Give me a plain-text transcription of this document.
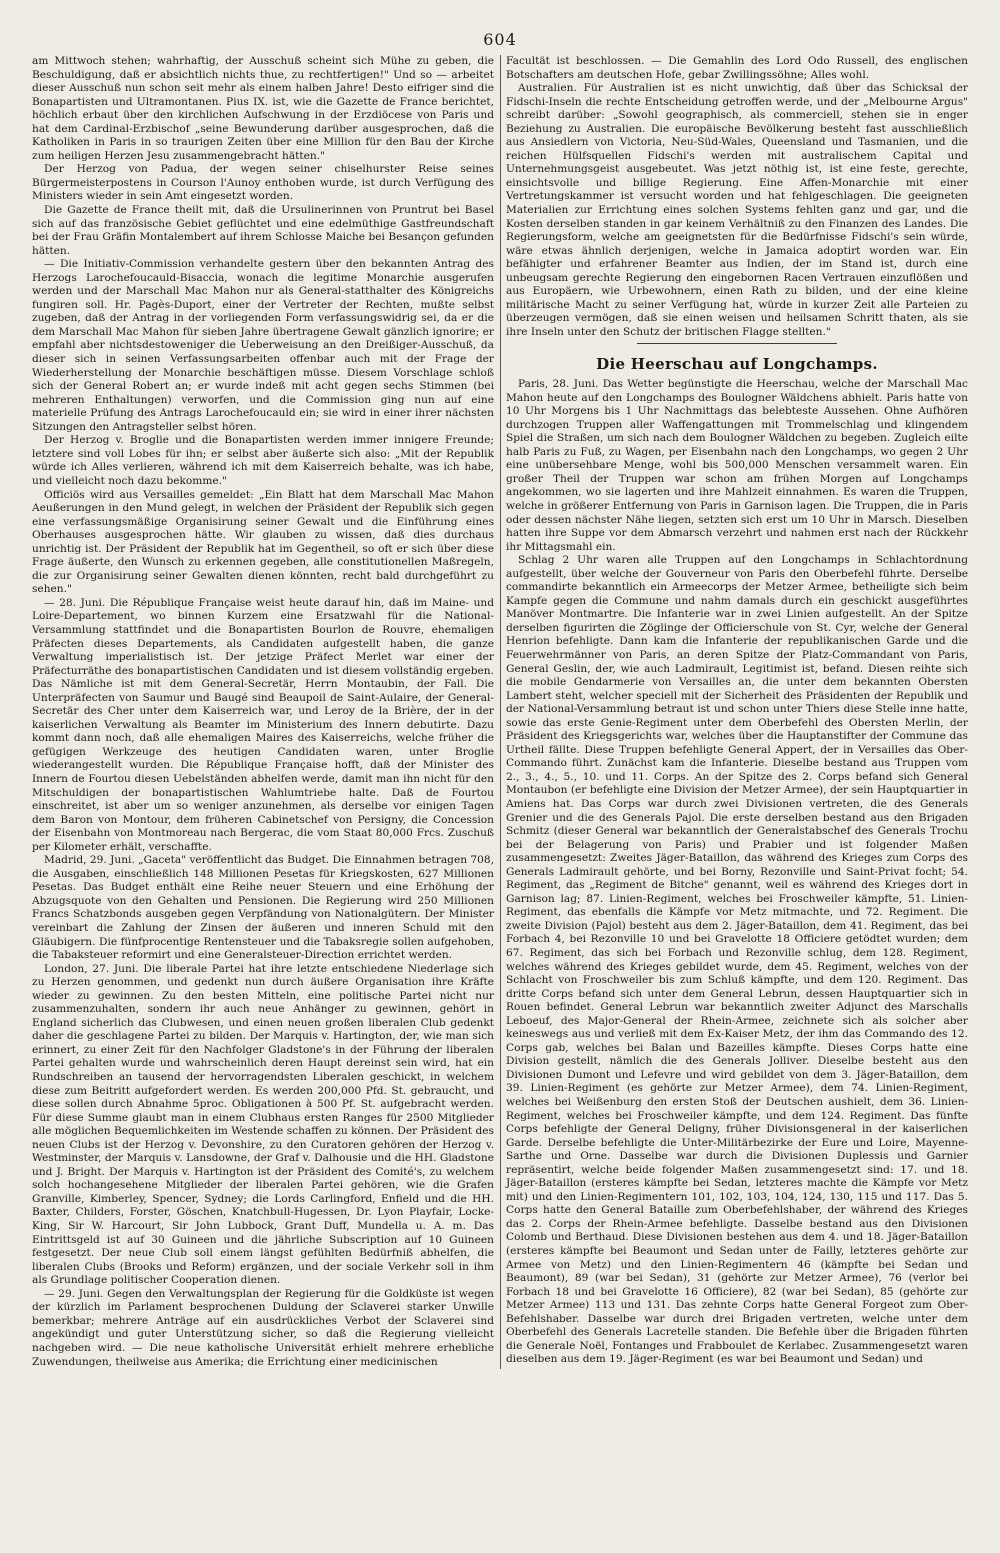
604

am Mittwoch stehen; wahrhaftig, der Ausschuß scheint sich Mühe zu geben, die Beschuldigung, daß er absichtlich nichts thue, zu rechtfertigen!" Und so — arbeitet dieser Ausschuß nun schon seit mehr als einem halben Jahre! Desto eifriger sind die Bonapartisten und Ultramontanen. Pius IX. ist, wie die Gazette de France berichtet, höchlich erbaut über den kirchlichen Aufschwung in der Erzdiöcese von Paris und hat dem Cardinal-Erzbischof „seine Bewunderung darüber ausgesprochen, daß die Katholiken in Paris in so traurigen Zeiten über eine Million für den Bau der Kirche zum heiligen Herzen Jesu zusammengebracht hätten."

Der Herzog von Padua, der wegen seiner chiselhurster Reise seines Bürgermeisterpostens in Courson l'Aunoy enthoben wurde, ist durch Verfügung des Ministers wieder in sein Amt eingesetzt worden.

Die Gazette de France theilt mit, daß die Ursulinerinnen von Pruntrut bei Basel sich auf das französische Gebiet geflüchtet und eine edelmüthige Gastfreundschaft bei der Frau Gräfin Montalembert auf ihrem Schlosse Maiche bei Besançon gefunden hätten.

— Die Initiativ-Commission verhandelte gestern über den bekannten Antrag des Herzogs Larochefoucauld-Bisaccia, wonach die legitime Monarchie ausgerufen werden und der Marschall Mac Mahon nur als General-statthalter des Königreichs fungiren soll. Hr. Pagès-Duport, einer der Vertreter der Rechten, mußte selbst zugeben, daß der Antrag in der vorliegenden Form verfassungswidrig sei, da er die dem Marschall Mac Mahon für sieben Jahre übertragene Gewalt gänzlich ignorire; er empfahl aber nichtsdestoweniger die Ueberweisung an den Dreißiger-Ausschuß, da dieser sich in seinen Verfassungsarbeiten offenbar auch mit der Frage der Wiederherstellung der Monarchie beschäftigen müsse. Diesem Vorschlage schloß sich der General Robert an; er wurde indeß mit acht gegen sechs Stimmen (bei mehreren Enthaltungen) verworfen, und die Commission ging nun auf eine materielle Prüfung des Antrags Larochefoucauld ein; sie wird in einer ihrer nächsten Sitzungen den Antragsteller selbst hören.

Der Herzog v. Broglie und die Bonapartisten werden immer innigere Freunde; letztere sind voll Lobes für ihn; er selbst aber äußerte sich also: „Mit der Republik würde ich Alles verlieren, während ich mit dem Kaiserreich behalte, was ich habe, und vielleicht noch dazu bekomme."

Officiös wird aus Versailles gemeldet: „Ein Blatt hat dem Marschall Mac Mahon Aeußerungen in den Mund gelegt, in welchen der Präsident der Republik sich gegen eine verfassungsmäßige Organisirung seiner Gewalt und die Einführung eines Oberhauses ausgesprochen hätte. Wir glauben zu wissen, daß dies durchaus unrichtig ist. Der Präsident der Republik hat im Gegentheil, so oft er sich über diese Frage äußerte, den Wunsch zu erkennen gegeben, alle constitutionellen Maßregeln, die zur Organisirung seiner Gewalten dienen könnten, recht bald durchgeführt zu sehen."

— 28. Juni. Die République Française weist heute darauf hin, daß im Maine- und Loire-Departement, wo binnen Kurzem eine Ersatzwahl für die National-Versammlung stattfindet und die Bonapartisten Bourlon de Rouvre, ehemaligen Präfecten dieses Departements, als Candidaten aufgestellt haben, die ganze Verwaltung imperialistisch ist. Der jetzige Präfect Merlet war einer der Präfecturräthe des bonapartistischen Candidaten und ist diesem vollständig ergeben. Das Nämliche ist mit dem General-Secretär, Herrn Montaubin, der Fall. Die Unterpräfecten von Saumur und Baugé sind Beaupoil de Saint-Aulaire, der General-Secretär des Cher unter dem Kaiserreich war, und Leroy de la Brière, der in der kaiserlichen Verwaltung als Beamter im Ministerium des Innern debutirte. Dazu kommt dann noch, daß alle ehemaligen Maires des Kaiserreichs, welche früher die gefügigen Werkzeuge des heutigen Candidaten waren, unter Broglie wiederangestellt wurden. Die République Française hofft, daß der Minister des Innern de Fourtou diesen Uebelständen abhelfen werde, damit man ihn nicht für den Mitschuldigen der bonapartistischen Wahlumtriebe halte. Daß de Fourtou einschreitet, ist aber um so weniger anzunehmen, als derselbe vor einigen Tagen dem Baron von Montour, dem früheren Cabinetschef von Persigny, die Concession der Eisenbahn von Montmoreau nach Bergerac, die vom Staat 80,000 Frcs. Zuschuß per Kilometer erhält, verschaffte.

Madrid, 29. Juni. „Gaceta" veröffentlicht das Budget. Die Einnahmen betragen 708, die Ausgaben, einschließlich 148 Millionen Pesetas für Kriegskosten, 627 Millionen Pesetas. Das Budget enthält eine Reihe neuer Steuern und eine Erhöhung der Abzugsquote von den Gehalten und Pensionen. Die Regierung wird 250 Millionen Francs Schatzbonds ausgeben gegen Verpfändung von Nationalgütern. Der Minister vereinbart die Zahlung der Zinsen der äußeren und inneren Schuld mit den Gläubigern. Die fünfprocentige Rentensteuer und die Tabaksregie sollen aufgehoben, die Tabaksteuer reformirt und eine Generalsteuer-Direction errichtet werden.

London, 27. Juni. Die liberale Partei hat ihre letzte entschiedene Niederlage sich zu Herzen genommen, und gedenkt nun durch äußere Organisation ihre Kräfte wieder zu gewinnen. Zu den besten Mitteln, eine politische Partei nicht nur zusammenzuhalten, sondern ihr auch neue Anhänger zu gewinnen, gehört in England sicherlich das Clubwesen, und einen neuen großen liberalen Club gedenkt daher die geschlagene Partei zu bilden. Der Marquis v. Hartington, der, wie man sich erinnert, zu einer Zeit für den Nachfolger Gladstone's in der Führung der liberalen Partei gehalten wurde und wahrscheinlich deren Haupt dereinst sein wird, hat ein Rundschreiben an tausend der hervorragendsten Liberalen geschickt, in welchem diese zum Beitritt aufgefordert werden. Es werden 200,000 Pfd. St. gebraucht, und diese sollen durch Abnahme 5proc. Obligationen à 500 Pf. St. aufgebracht werden. Für diese Summe glaubt man in einem Clubhaus ersten Ranges für 2500 Mitglieder alle möglichen Bequemlichkeiten im Westende schaffen zu können. Der Präsident des neuen Clubs ist der Herzog v. Devonshire, zu den Curatoren gehören der Herzog v. Westminster, der Marquis v. Lansdowne, der Graf v. Dalhousie und die HH. Gladstone und J. Bright. Der Marquis v. Hartington ist der Präsident des Comité's, zu welchem solch hochangesehene Mitglieder der liberalen Partei gehören, wie die Grafen Granville, Kimberley, Spencer, Sydney; die Lords Carlingford, Enfield und die HH. Baxter, Childers, Forster, Göschen, Knatchbull-Hugessen, Dr. Lyon Playfair, Locke-King, Sir W. Harcourt, Sir John Lubbock, Grant Duff, Mundella u. A. m. Das Eintrittsgeld ist auf 30 Guineen und die jährliche Subscription auf 10 Guineen festgesetzt. Der neue Club soll einem längst gefühlten Bedürfniß abhelfen, die liberalen Clubs (Brooks und Reform) ergänzen, und der sociale Verkehr soll in ihm als Grundlage politischer Cooperation dienen.

— 29. Juni. Gegen den Verwaltungsplan der Regierung für die Goldküste ist wegen der kürzlich im Parlament besprochenen Duldung der Sclaverei starker Unwille bemerkbar; mehrere Anträge auf ein ausdrückliches Verbot der Sclaverei sind angekündigt und guter Unterstützung sicher, so daß die Regierung vielleicht nachgeben wird. — Die neue katholische Universität erhielt mehrere erhebliche Zuwendungen, theilweise aus Amerika; die Errichtung einer medicinischen

Facultät ist beschlossen. — Die Gemahlin des Lord Odo Russell, des englischen Botschafters am deutschen Hofe, gebar Zwillingssöhne; Alles wohl.

Australien. Für Australien ist es nicht unwichtig, daß über das Schicksal der Fidschi-Inseln die rechte Entscheidung getroffen werde, und der „Melbourne Argus" schreibt darüber: „Sowohl geographisch, als commerciell, stehen sie in enger Beziehung zu Australien. Die europäische Bevölkerung besteht fast ausschließlich aus Ansiedlern von Victoria, Neu-Süd-Wales, Queensland und Tasmanien, und die reichen Hülfsquellen Fidschi's werden mit australischem Capital und Unternehmungsgeist ausgebeutet. Was jetzt nöthig ist, ist eine feste, gerechte, einsichtsvolle und billige Regierung. Eine Affen-Monarchie mit einer Vertretungskammer ist versucht worden und hat fehlgeschlagen. Die geeigneten Materialien zur Errichtung eines solchen Systems fehlten ganz und gar, und die Kosten derselben standen in gar keinem Verhältniß zu den Finanzen des Landes. Die Regierungsform, welche am geeignetsten für die Bedürfnisse Fidschi's sein würde, wäre etwas ähnlich derjenigen, welche in Jamaica adoptirt worden war. Ein befähigter und erfahrener Beamter aus Indien, der im Stand ist, durch eine unbeugsam gerechte Regierung den eingebornen Racen Vertrauen einzuflößen und aus Europäern, wie Urbewohnern, einen Rath zu bilden, und der eine kleine militärische Macht zu seiner Verfügung hat, würde in kurzer Zeit alle Parteien zu überzeugen vermögen, daß sie einen weisen und heilsamen Schritt thaten, als sie ihre Inseln unter den Schutz der britischen Flagge stellten."

Die Heerschau auf Longchamps.

Paris, 28. Juni. Das Wetter begünstigte die Heerschau, welche der Marschall Mac Mahon heute auf den Longchamps des Boulogner Wäldchens abhielt. Paris hatte von 10 Uhr Morgens bis 1 Uhr Nachmittags das belebteste Aussehen. Ohne Aufhören durchzogen Truppen aller Waffengattungen mit Trommelschlag und klingendem Spiel die Straßen, um sich nach dem Boulogner Wäldchen zu begeben. Zugleich eilte halb Paris zu Fuß, zu Wagen, per Eisenbahn nach den Longchamps, wo gegen 2 Uhr eine unübersehbare Menge, wohl bis 500,000 Menschen versammelt waren. Ein großer Theil der Truppen war schon am frühen Morgen auf Longchamps angekommen, wo sie lagerten und ihre Mahlzeit einnahmen. Es waren die Truppen, welche in größerer Entfernung von Paris in Garnison lagen. Die Truppen, die in Paris oder dessen nächster Nähe liegen, setzten sich erst um 10 Uhr in Marsch. Dieselben hatten ihre Suppe vor dem Abmarsch verzehrt und nahmen erst nach der Rückkehr ihr Mittagsmahl ein.

Schlag 2 Uhr waren alle Truppen auf den Longchamps in Schlachtordnung aufgestellt, über welche der Gouverneur von Paris den Oberbefehl führte. Derselbe commandirte bekanntlich ein Armeecorps der Metzer Armee, betheiligte sich beim Kampfe gegen die Commune und nahm damals durch ein geschickt ausgeführtes Manöver Montmartre. Die Infanterie war in zwei Linien aufgestellt. An der Spitze derselben figurirten die Zöglinge der Officierschule von St. Cyr, welche der General Henrion befehligte. Dann kam die Infanterie der republikanischen Garde und die Feuerwehrmänner von Paris, an deren Spitze der Platz-Commandant von Paris, General Geslin, der, wie auch Ladmirault, Legitimist ist, befand. Diesen reihte sich die mobile Gendarmerie von Versailles an, die unter dem bekannten Obersten Lambert steht, welcher speciell mit der Sicherheit des Präsidenten der Republik und der National-Versammlung betraut ist und schon unter Thiers diese Stelle inne hatte, sowie das erste Genie-Regiment unter dem Oberbefehl des Obersten Merlin, der Präsident des Kriegsgerichts war, welches über die Hauptanstifter der Commune das Urtheil fällte. Diese Truppen befehligte General Appert, der in Versailles das Ober-Commando führt. Zunächst kam die Infanterie. Dieselbe bestand aus Truppen vom 2., 3., 4., 5., 10. und 11. Corps. An der Spitze des 2. Corps befand sich General Montaubon (er befehligte eine Division der Metzer Armee), der sein Hauptquartier in Amiens hat. Das Corps war durch zwei Divisionen vertreten, die des Generals Grenier und die des Generals Pajol. Die erste derselben bestand aus den Brigaden Schmitz (dieser General war bekanntlich der Generalstabschef des Generals Trochu bei der Belagerung von Paris) und Prabier und ist folgender Maßen zusammengesetzt: Zweites Jäger-Bataillon, das während des Krieges zum Corps des Generals Ladmirault gehörte, und bei Borny, Rezonville und Saint-Privat focht; 54. Regiment, das „Regiment de Bitche" genannt, weil es während des Krieges dort in Garnison lag; 87. Linien-Regiment, welches bei Froschweiler kämpfte, 51. Linien-Regiment, das ebenfalls die Kämpfe vor Metz mitmachte, und 72. Regiment. Die zweite Division (Pajol) besteht aus dem 2. Jäger-Bataillon, dem 41. Regiment, das bei Forbach 4, bei Rezonville 10 und bei Gravelotte 18 Officiere getödtet wurden; dem 67. Regiment, das sich bei Forbach und Rezonville schlug, dem 128. Regiment, welches während des Krieges gebildet wurde, dem 45. Regiment, welches von der Schlacht von Froschweiler bis zum Schluß kämpfte, und dem 120. Regiment. Das dritte Corps befand sich unter dem General Lebrun, dessen Hauptquartier sich in Rouen befindet. General Lebrun war bekanntlich zweiter Adjunct des Marschalls Leboeuf, des Major-General der Rhein-Armee, zeichnete sich als solcher aber keineswegs aus und verließ mit dem Ex-Kaiser Metz, der ihm das Commando des 12. Corps gab, welches bei Balan und Bazeilles kämpfte. Dieses Corps hatte eine Division gestellt, nämlich die des Generals Jolliver. Dieselbe besteht aus den Divisionen Dumont und Lefevre und wird gebildet von dem 3. Jäger-Bataillon, dem 39. Linien-Regiment (es gehörte zur Metzer Armee), dem 74. Linien-Regiment, welches bei Weißenburg den ersten Stoß der Deutschen aushielt, dem 36. Linien-Regiment, welches bei Froschweiler kämpfte, und dem 124. Regiment. Das fünfte Corps befehligte der General Deligny, früher Divisionsgeneral in der kaiserlichen Garde. Derselbe befehligte die Unter-Militärbezirke der Eure und Loire, Mayenne-Sarthe und Orne. Dasselbe war durch die Divisionen Duplessis und Garnier repräsentirt, welche beide folgender Maßen zusammengesetzt sind: 17. und 18. Jäger-Bataillon (ersteres kämpfte bei Sedan, letzteres machte die Kämpfe vor Metz mit) und den Linien-Regimentern 101, 102, 103, 104, 124, 130, 115 und 117. Das 5. Corps hatte den General Bataille zum Oberbefehlshaber, der während des Krieges das 2. Corps der Rhein-Armee befehligte. Dasselbe bestand aus den Divisionen Colomb und Berthaud. Diese Divisionen bestehen aus dem 4. und 18. Jäger-Bataillon (ersteres kämpfte bei Beaumont und Sedan unter de Failly, letzteres gehörte zur Armee von Metz) und den Linien-Regimentern 46 (kämpfte bei Sedan und Beaumont), 89 (war bei Sedan), 31 (gehörte zur Metzer Armee), 76 (verlor bei Forbach 18 und bei Gravelotte 16 Officiere), 82 (war bei Sedan), 85 (gehörte zur Metzer Armee) 113 und 131. Das zehnte Corps hatte General Forgeot zum Ober-Befehlshaber. Dasselbe war durch drei Brigaden vertreten, welche unter dem Oberbefehl des Generals Lacretelle standen. Die Befehle über die Brigaden führten die Generale Noël, Fontanges und Frabboulet de Kerlabec. Zusammengesetzt waren dieselben aus dem 19. Jäger-Regiment (es war bei Beaumont und Sedan) und
